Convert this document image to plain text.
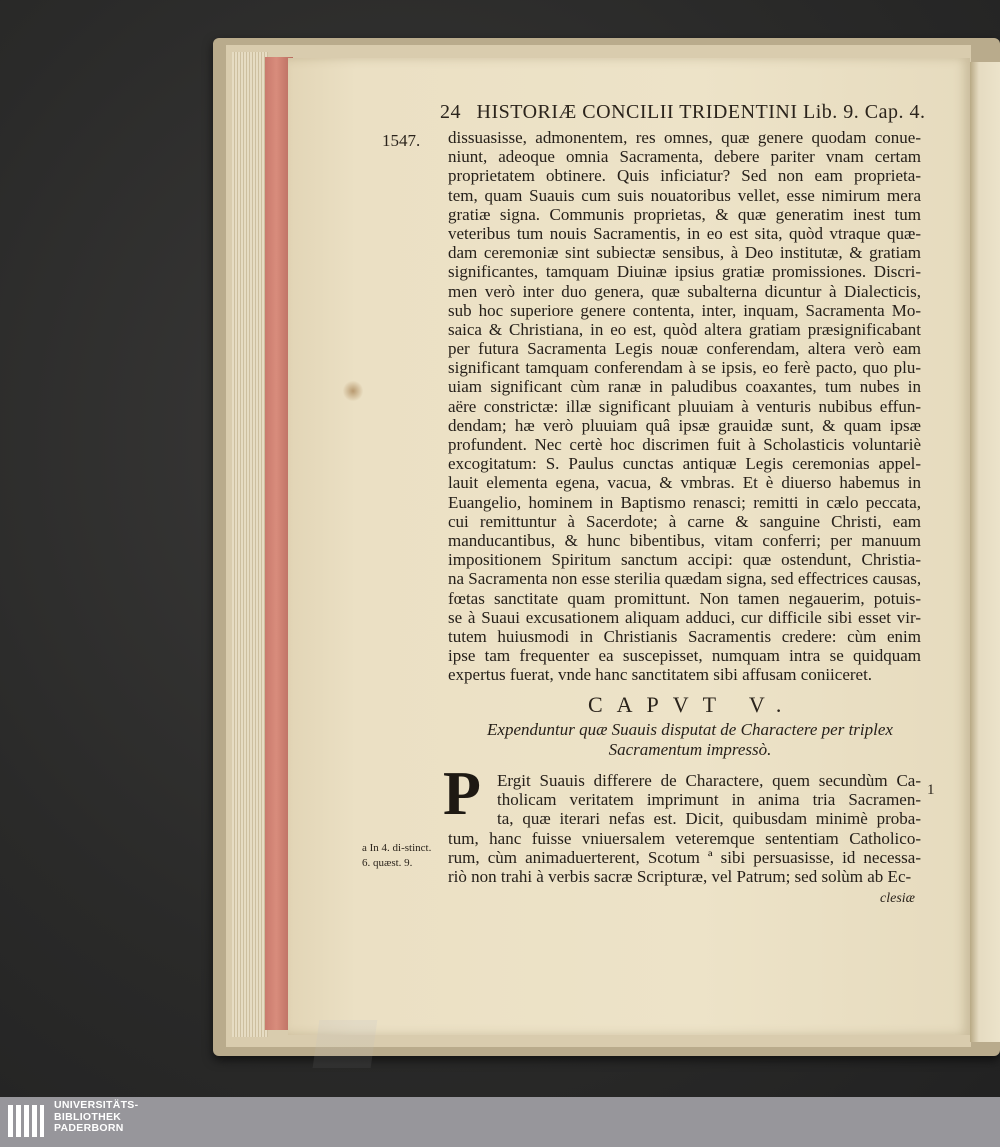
24 HISTORIÆ CONCILII TRIDENTINI Lib. 9. Cap. 4.
1547. dissuasisse, admonentem, res omnes, quæ genere quodam conue-
niunt, adeoque omnia Sacramenta, debere pariter vnam certam
proprietatem obtinere. Quis inficiatur? Sed non eam proprieta-
tem, quam Suauis cum suis nouatoribus vellet, esse nimirum mera
gratiæ signa. Communis proprietas, & quæ generatim inest tum
veteribus tum nouis Sacramentis, in eo est sita, quòd vtraque quæ-
dam ceremoniæ sint subiectæ sensibus, à Deo institutæ, & gratiam
significantes, tamquam Diuinæ ipsius gratiæ promissiones. Discri-
men verò inter duo genera, quæ subalterna dicuntur à Dialecticis,
sub hoc superiore genere contenta, inter, inquam, Sacramenta Mo-
saica & Christiana, in eo est, quòd altera gratiam præsignificabant
per futura Sacramenta Legis nouæ conferendam, altera verò eam
significant tamquam conferendam à se ipsis, eo ferè pacto, quo plu-
uiam significant cùm ranæ in paludibus coaxantes, tum nubes in
aëre constrictæ: illæ significant pluuiam à venturis nubibus effun-
dendam; hæ verò pluuiam quâ ipsæ grauidæ sunt, & quam ipsæ
profundent. Nec certè hoc discrimen fuit à Scholasticis voluntariè
excogitatum: S. Paulus cunctas antiquæ Legis ceremonias appel-
lauit elementa egena, vacua, & vmbras. Et è diuerso habemus in
Euangelio, hominem in Baptismo renasci; remitti in cælo peccata,
cui remittuntur à Sacerdote; à carne & sanguine Christi, eam
manducantibus, & hunc bibentibus, vitam conferri; per manuum
impositionem Spiritum sanctum accipi: quæ ostendunt, Christia-
na Sacramenta non esse sterilia quædam signa, sed effectrices causas,
fœtas sanctitate quam promittunt. Non tamen negauerim, potuis-
se à Suaui excusationem aliquam adduci, cur difficile sibi esset vir-
tutem huiusmodi in Christianis Sacramentis credere: cùm enim
ipse tam frequenter ea suscepisset, numquam intra se quidquam
expertus fuerat, vnde hanc sanctitatem sibi affusam coniiceret.
CAPVT V.
Expenduntur quæ Suauis disputat de Charactere per triplex Sacramentum impressò.
P Ergit Suauis differere de Charactere, quem secundùm Ca-
tholicam veritatem imprimunt in anima tria Sacramen-
ta, quæ iterari nefas est. Dicit, quibusdam minimè proba-
tum, hanc fuisse vniuersalem veteremque sententiam Catholico-
rum, cùm animaduerterent, Scotum ª sibi persuasisse, id necessa-
riò non trahi à verbis sacræ Scripturæ, vel Patrum; sed solùm ab Ec-
1
a In 4. di-stinct. 6. quæst. 9.
clesiæ
UNIVERSITÄTS-
BIBLIOTHEK
PADERBORN
